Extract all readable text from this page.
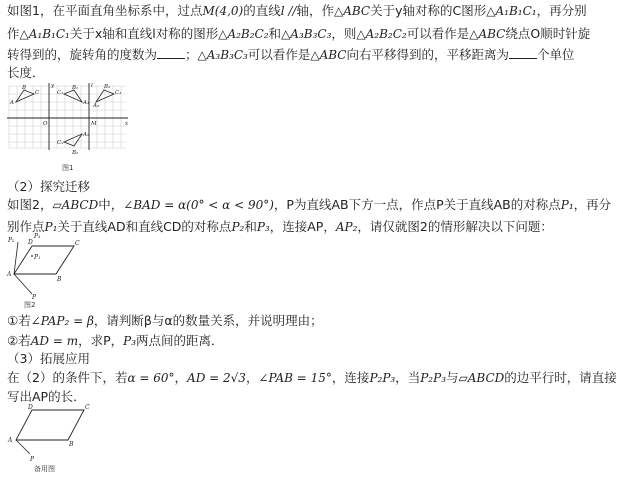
如图1，在平面直角坐标系中，过点M(4,0)的直线l //轴，作△ABC关于y轴对称的C图形△A₁B₁C₁，再分别
作△A₁B₁C₁关于x轴和直线l对称的图形△A₂B₂C₂和△A₃B₃C₃，则△A₂B₂C₂可以看作是△ABC绕点O顺时针旋
转得到的，旋转角的度数为 ；△A₃B₃C₃可以看作是△ABC向右平移得到的，平移距离为 个单位
长度．
A
B
C
A₁
B₁
C₁
A₂
B₂
C₂
A₃
B₃
C₃
O	M	x
y	l
图1
（2）探究迁移
如图2，▱ABCD中，∠BAD = α(0° < α < 90°)，P为直线AB下方一点，作点P关于直线AB的对称点P₁，再分
别作点P₁关于直线AD和直线CD的对称点P₂和P₃，连接AP，AP₂，请仅就图2的情形解决以下问题：
A
B
C
D
P
P₁
P₂
P₃
图2
①若∠PAP₂ = β，请判断β与α的数量关系，并说明理由；
②若AD = m，求P，P₃两点间的距离．
（3）拓展应用
在（2）的条件下，若α = 60°，AD = 2√3，∠PAB = 15°，连接P₂P₃，当P₂P₃与▱ABCD的边平行时，请直接
写出AP的长．
A
B
C
D
P
备用图
